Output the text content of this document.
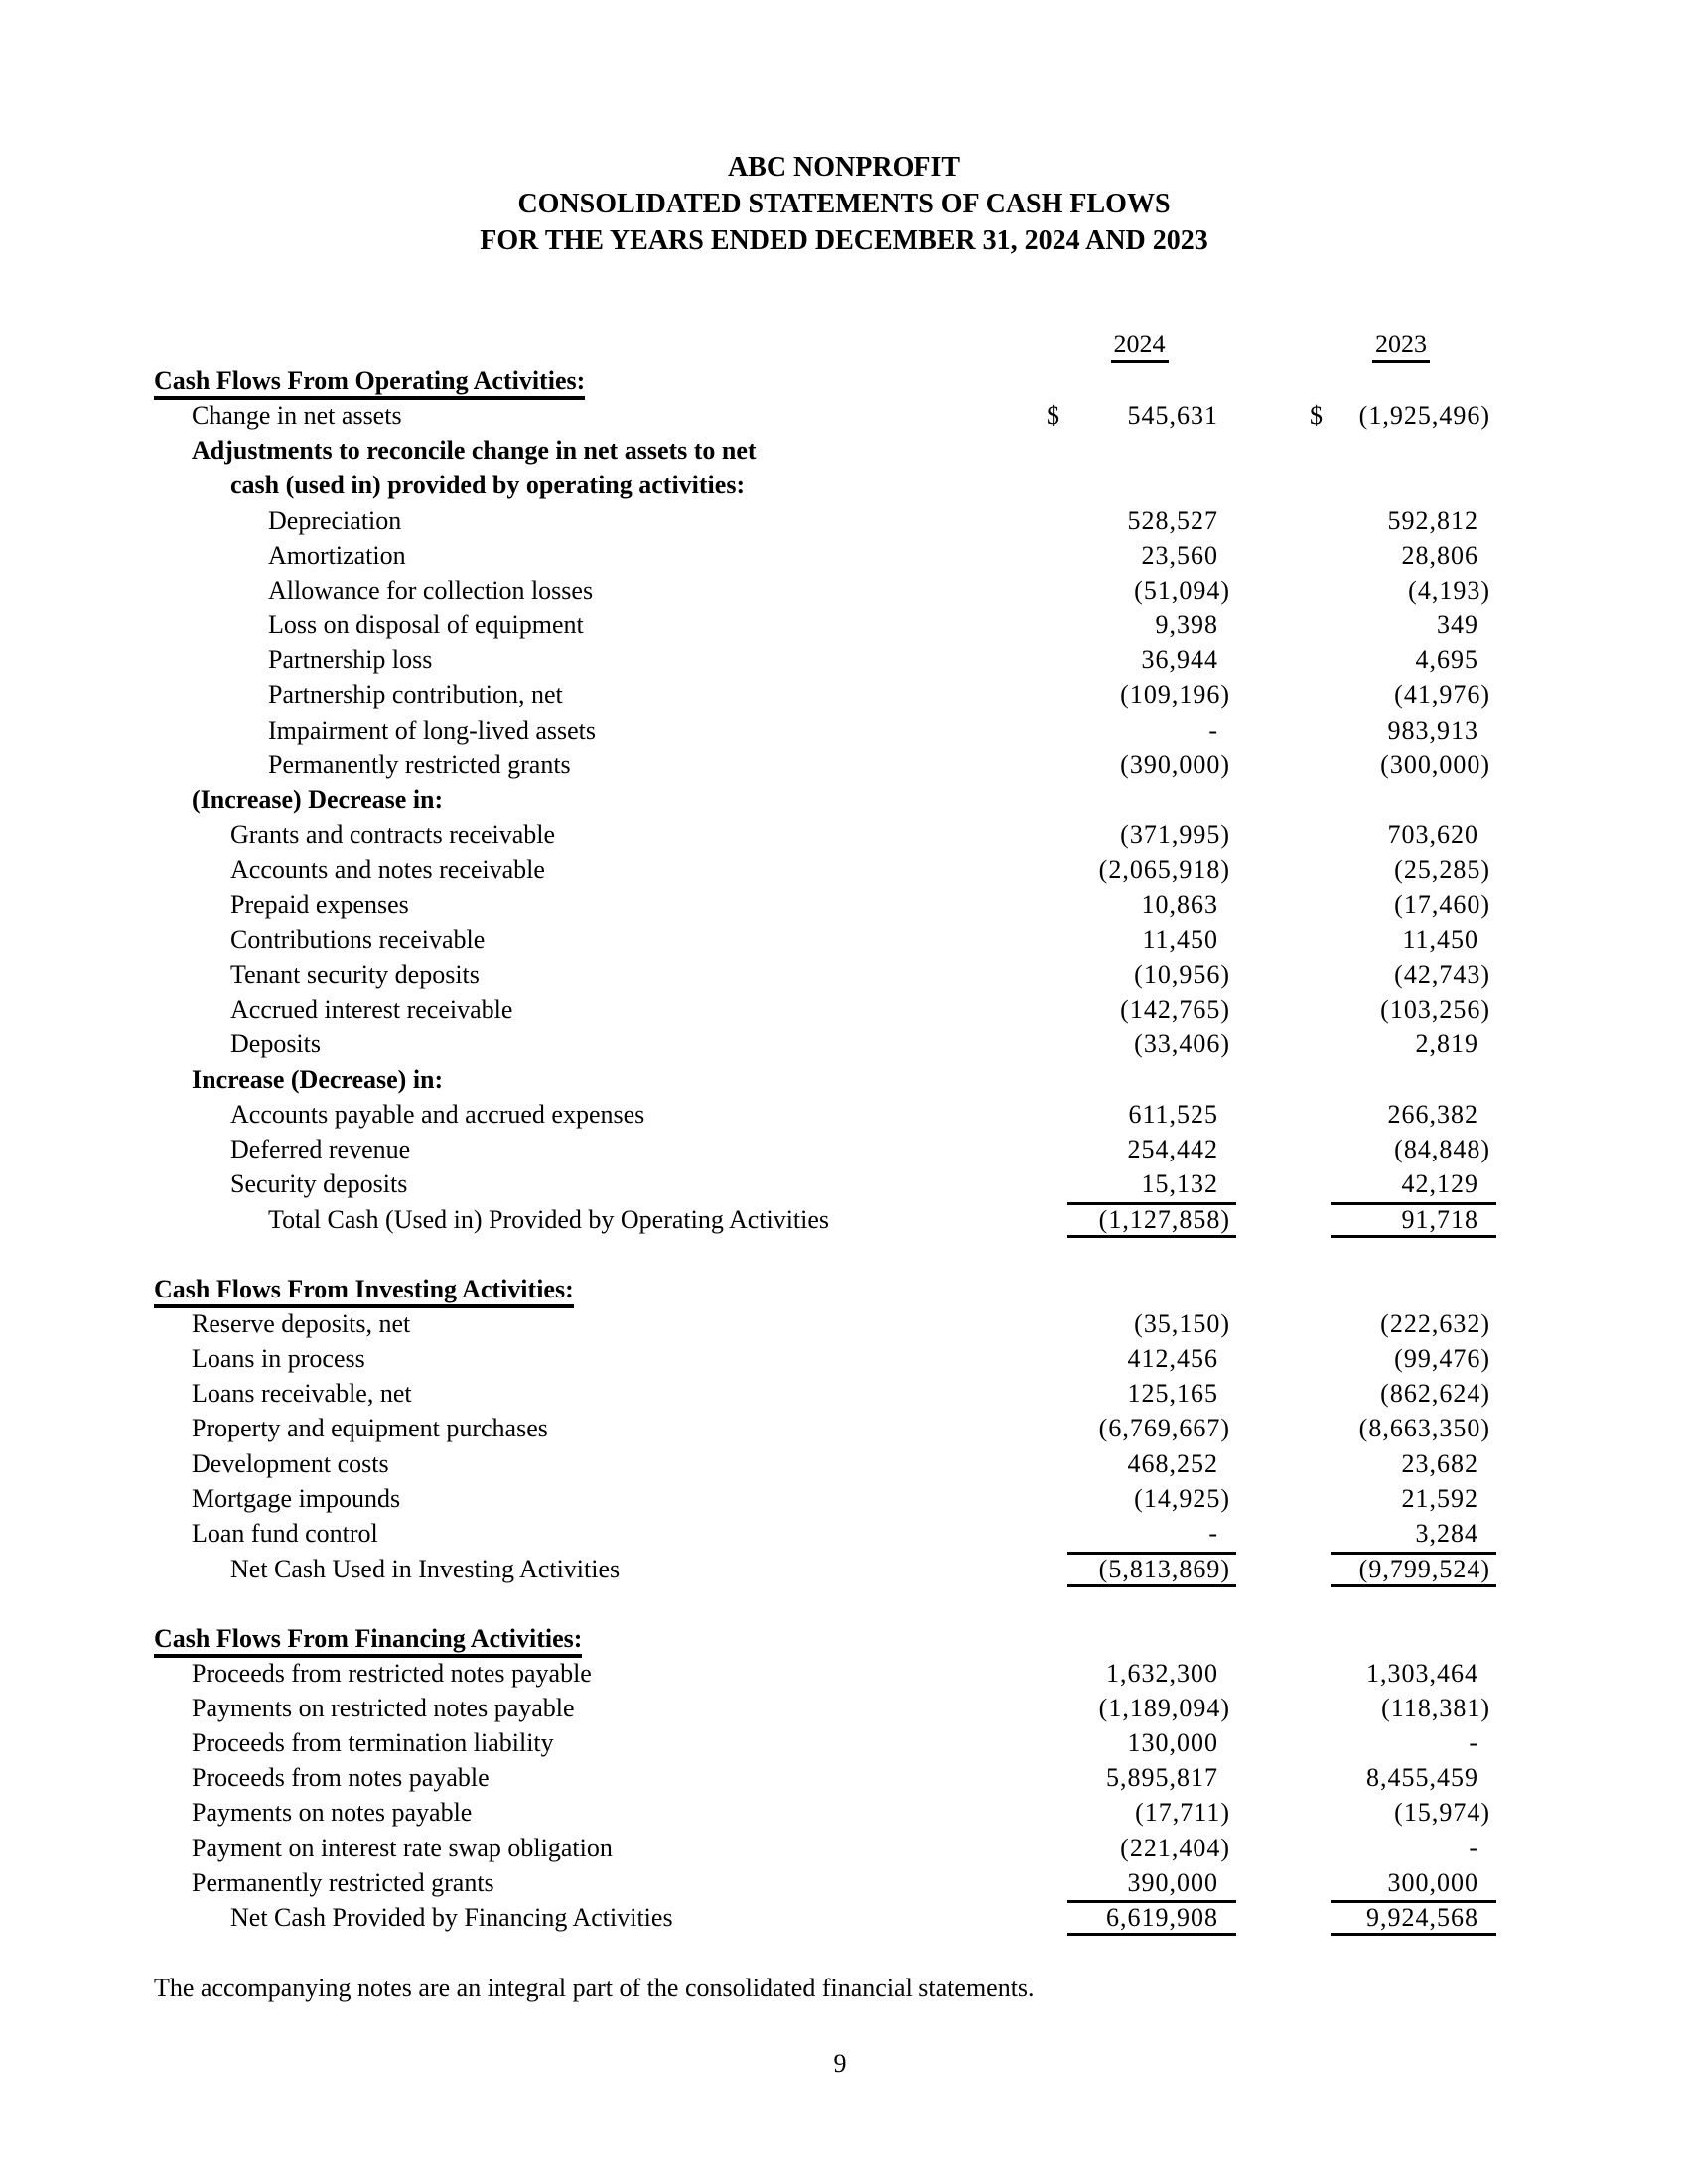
ABC NONPROFIT
CONSOLIDATED STATEMENTS OF CASH FLOWS
FOR THE YEARS ENDED DECEMBER 31, 2024 AND 2023
2024	2023
Cash Flows From Operating Activities:
Change in net assets	$	545,631	$	(1,925,496)
Adjustments to reconcile change in net assets to net
cash (used in) provided by operating activities:
Depreciation	528,527	592,812
Amortization	23,560	28,806
Allowance for collection losses	(51,094)	(4,193)
Loss on disposal of equipment	9,398	349
Partnership loss	36,944	4,695
Partnership contribution, net	(109,196)	(41,976)
Impairment of long-lived assets	-	983,913
Permanently restricted grants	(390,000)	(300,000)
(Increase) Decrease in:
Grants and contracts receivable	(371,995)	703,620
Accounts and notes receivable	(2,065,918)	(25,285)
Prepaid expenses	10,863	(17,460)
Contributions receivable	11,450	11,450
Tenant security deposits	(10,956)	(42,743)
Accrued interest receivable	(142,765)	(103,256)
Deposits	(33,406)	2,819
Increase (Decrease) in:
Accounts payable and accrued expenses	611,525	266,382
Deferred revenue	254,442	(84,848)
Security deposits	15,132	42,129
Total Cash (Used in) Provided by Operating Activities	(1,127,858)	91,718
Cash Flows From Investing Activities:
Reserve deposits, net	(35,150)	(222,632)
Loans in process	412,456	(99,476)
Loans receivable, net	125,165	(862,624)
Property and equipment purchases	(6,769,667)	(8,663,350)
Development costs	468,252	23,682
Mortgage impounds	(14,925)	21,592
Loan fund control	-	3,284
Net Cash Used in Investing Activities	(5,813,869)	(9,799,524)
Cash Flows From Financing Activities:
Proceeds from restricted notes payable	1,632,300	1,303,464
Payments on restricted notes payable	(1,189,094)	(118,381)
Proceeds from termination liability	130,000	-
Proceeds from notes payable	5,895,817	8,455,459
Payments on notes payable	(17,711)	(15,974)
Payment on interest rate swap obligation	(221,404)	-
Permanently restricted grants	390,000	300,000
Net Cash Provided by Financing Activities	6,619,908	9,924,568
The accompanying notes are an integral part of the consolidated financial statements.
9
